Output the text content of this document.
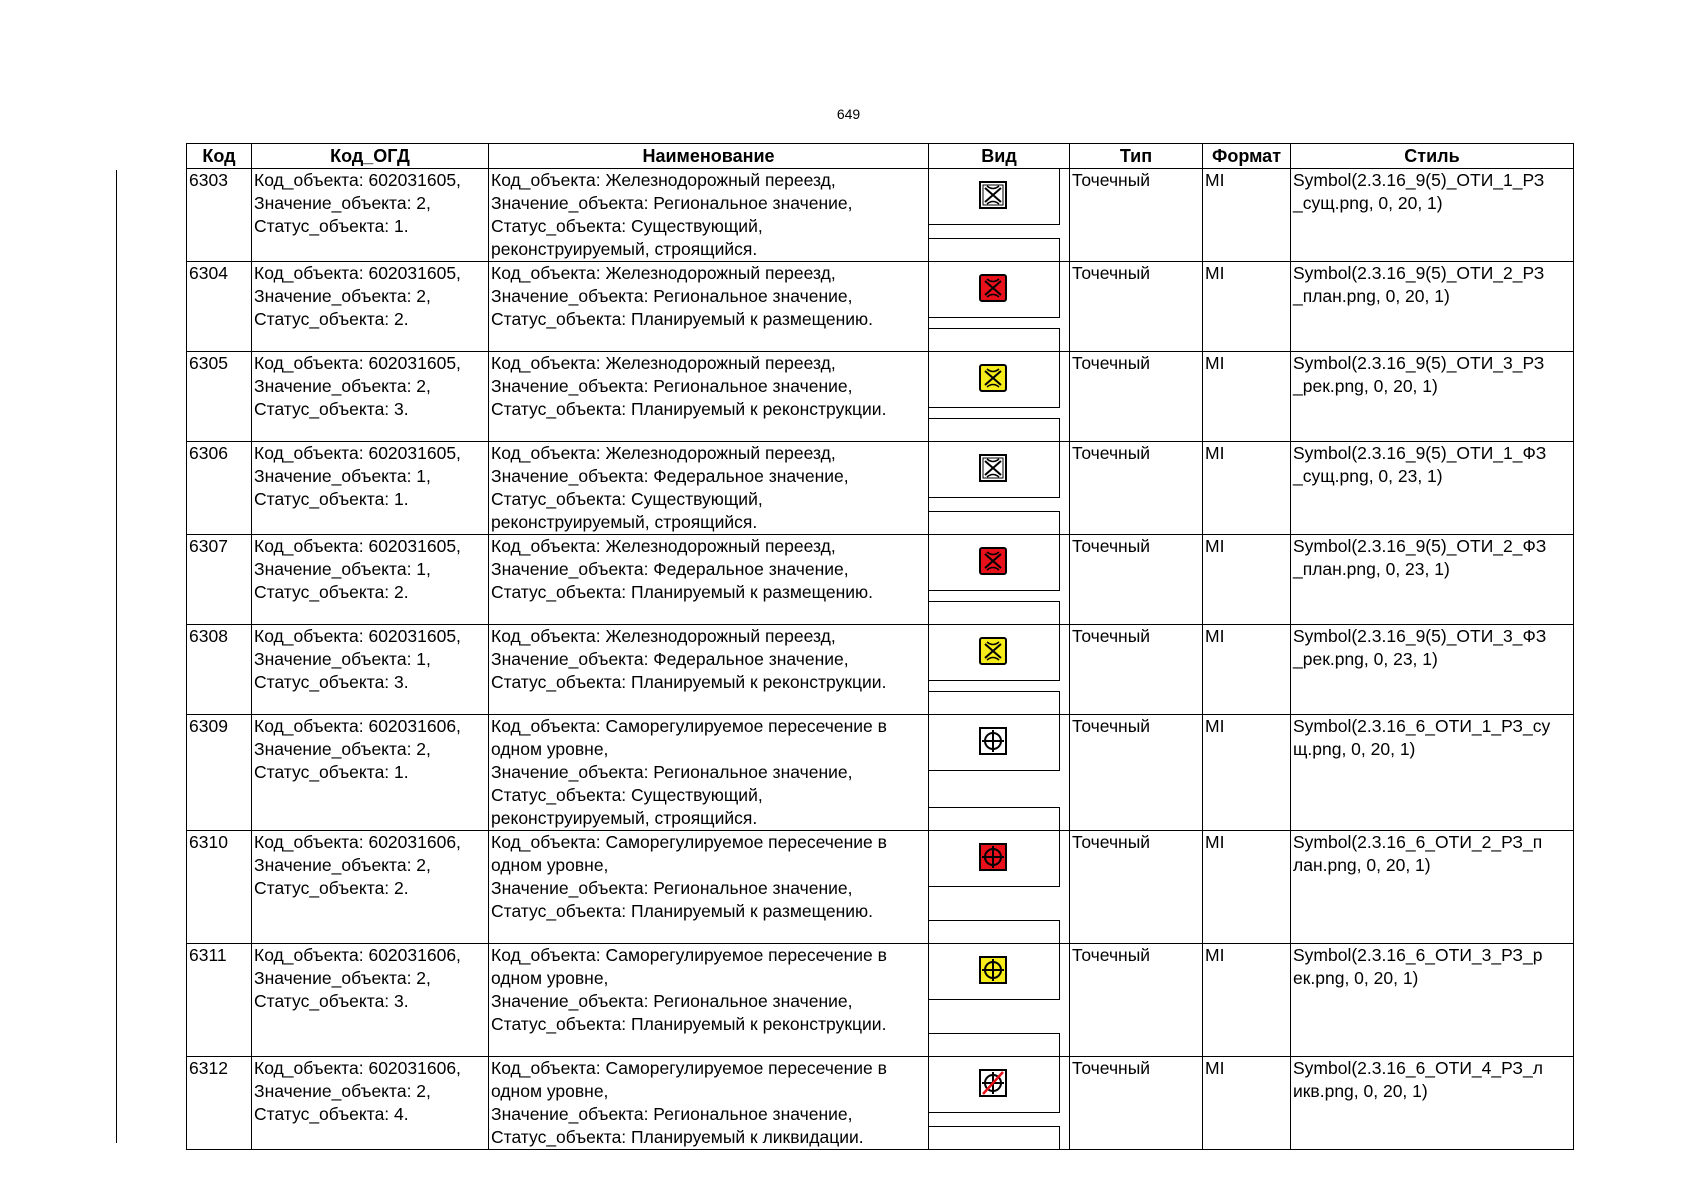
649
Код	Код_ОГД	Наименование	Вид	Тип	Формат	Стиль
6303	Код_объекта: 602031605,
Значение_объекта: 2,
Статус_объекта: 1.	Код_объекта: Железнодорожный переезд,
Значение_объекта: Региональное значение,
Статус_объекта: Существующий,
реконструируемый, строящийся.		Точечный	MI	Symbol(2.3.16_9(5)_ОТИ_1_РЗ
_сущ.png, 0, 20, 1)
6304	Код_объекта: 602031605,
Значение_объекта: 2,
Статус_объекта: 2.	Код_объекта: Железнодорожный переезд,
Значение_объекта: Региональное значение,
Статус_объекта: Планируемый к размещению.		Точечный	MI	Symbol(2.3.16_9(5)_ОТИ_2_РЗ
_план.png, 0, 20, 1)
6305	Код_объекта: 602031605,
Значение_объекта: 2,
Статус_объекта: 3.	Код_объекта: Железнодорожный переезд,
Значение_объекта: Региональное значение,
Статус_объекта: Планируемый к реконструкции.		Точечный	MI	Symbol(2.3.16_9(5)_ОТИ_3_РЗ
_рек.png, 0, 20, 1)
6306	Код_объекта: 602031605,
Значение_объекта: 1,
Статус_объекта: 1.	Код_объекта: Железнодорожный переезд,
Значение_объекта: Федеральное значение,
Статус_объекта: Существующий,
реконструируемый, строящийся.		Точечный	MI	Symbol(2.3.16_9(5)_ОТИ_1_ФЗ
_сущ.png, 0, 23, 1)
6307	Код_объекта: 602031605,
Значение_объекта: 1,
Статус_объекта: 2.	Код_объекта: Железнодорожный переезд,
Значение_объекта: Федеральное значение,
Статус_объекта: Планируемый к размещению.		Точечный	MI	Symbol(2.3.16_9(5)_ОТИ_2_ФЗ
_план.png, 0, 23, 1)
6308	Код_объекта: 602031605,
Значение_объекта: 1,
Статус_объекта: 3.	Код_объекта: Железнодорожный переезд,
Значение_объекта: Федеральное значение,
Статус_объекта: Планируемый к реконструкции.		Точечный	MI	Symbol(2.3.16_9(5)_ОТИ_3_ФЗ
_рек.png, 0, 23, 1)
6309	Код_объекта: 602031606,
Значение_объекта: 2,
Статус_объекта: 1.	Код_объекта: Саморегулируемое пересечение в
одном уровне,
Значение_объекта: Региональное значение,
Статус_объекта: Существующий,
реконструируемый, строящийся.		Точечный	MI	Symbol(2.3.16_6_ОТИ_1_РЗ_су
щ.png, 0, 20, 1)
6310	Код_объекта: 602031606,
Значение_объекта: 2,
Статус_объекта: 2.	Код_объекта: Саморегулируемое пересечение в
одном уровне,
Значение_объекта: Региональное значение,
Статус_объекта: Планируемый к размещению.		Точечный	MI	Symbol(2.3.16_6_ОТИ_2_РЗ_п
лан.png, 0, 20, 1)
6311	Код_объекта: 602031606,
Значение_объекта: 2,
Статус_объекта: 3.	Код_объекта: Саморегулируемое пересечение в
одном уровне,
Значение_объекта: Региональное значение,
Статус_объекта: Планируемый к реконструкции.		Точечный	MI	Symbol(2.3.16_6_ОТИ_3_РЗ_р
ек.png, 0, 20, 1)
6312	Код_объекта: 602031606,
Значение_объекта: 2,
Статус_объекта: 4.	Код_объекта: Саморегулируемое пересечение в
одном уровне,
Значение_объекта: Региональное значение,
Статус_объекта: Планируемый к ликвидации.		Точечный	MI	Symbol(2.3.16_6_ОТИ_4_РЗ_л
икв.png, 0, 20, 1)
